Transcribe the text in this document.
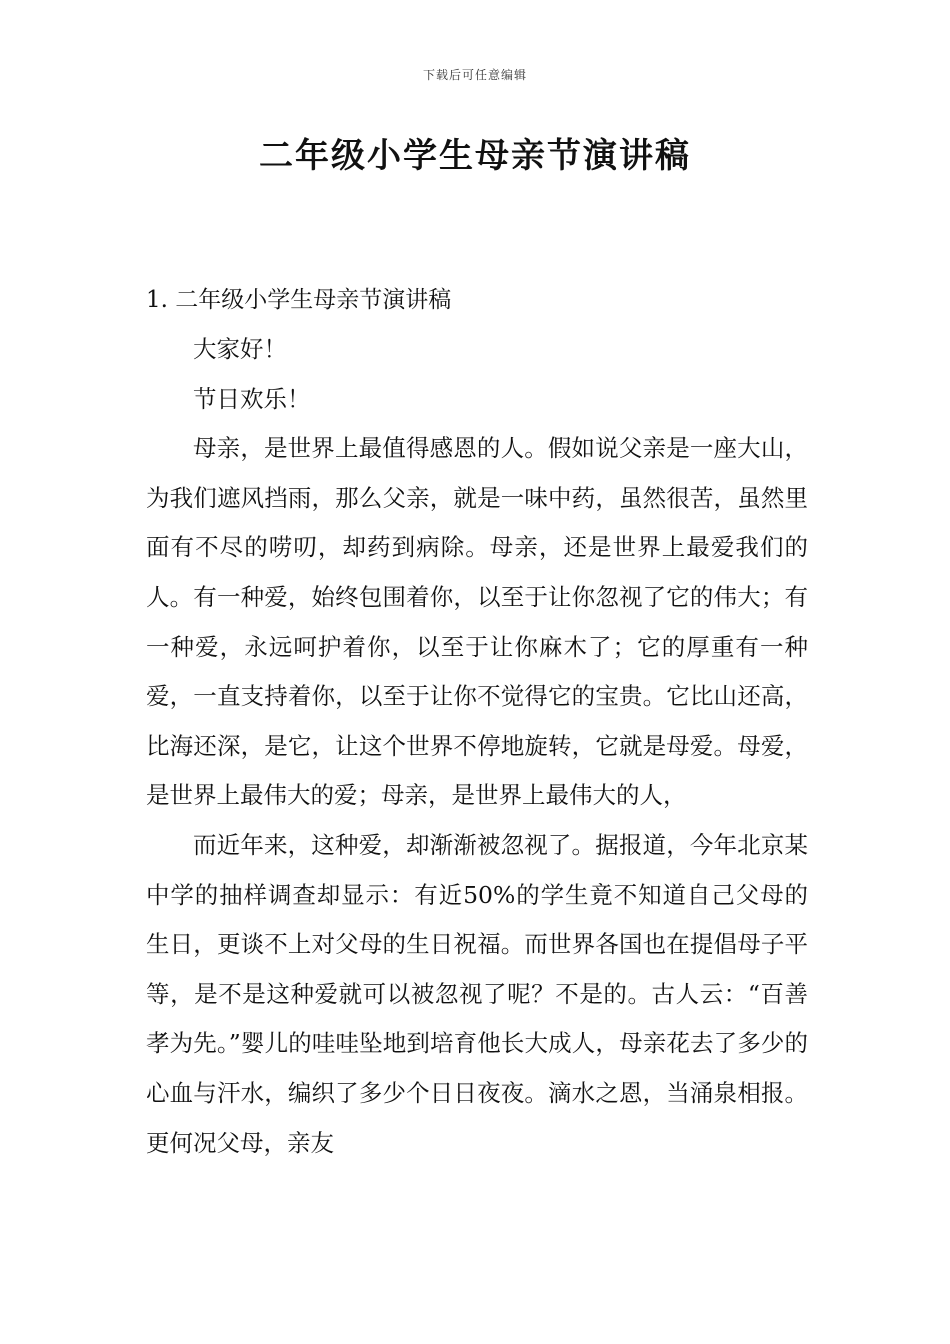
下载后可任意编辑
二年级小学生母亲节演讲稿

1. 二年级小学生母亲节演讲稿

大家好！

节日欢乐！

母亲，是世界上最值得感恩的人。假如说父亲是一座大山，为我们遮风挡雨，那么父亲，就是一味中药，虽然很苦，虽然里面有不尽的唠叨，却药到病除。母亲，还是世界上最爱我们的人。有一种爱，始终包围着你，以至于让你忽视了它的伟大；有一种爱，永远呵护着你，以至于让你麻木了；它的厚重有一种爱，一直支持着你，以至于让你不觉得它的宝贵。它比山还高，比海还深，是它，让这个世界不停地旋转，它就是母爱。母爱，是世界上最伟大的爱；母亲，是世界上最伟大的人，

而近年来，这种爱，却渐渐被忽视了。据报道，今年北京某中学的抽样调查却显示：有近50%的学生竟不知道自己父母的生日，更谈不上对父母的生日祝福。而世界各国也在提倡母子平等，是不是这种爱就可以被忽视了呢？不是的。古人云：“百善孝为先。”婴儿的哇哇坠地到培育他长大成人，母亲花去了多少的心血与汗水，编织了多少个日日夜夜。滴水之恩，当涌泉相报。更何况父母，亲友
